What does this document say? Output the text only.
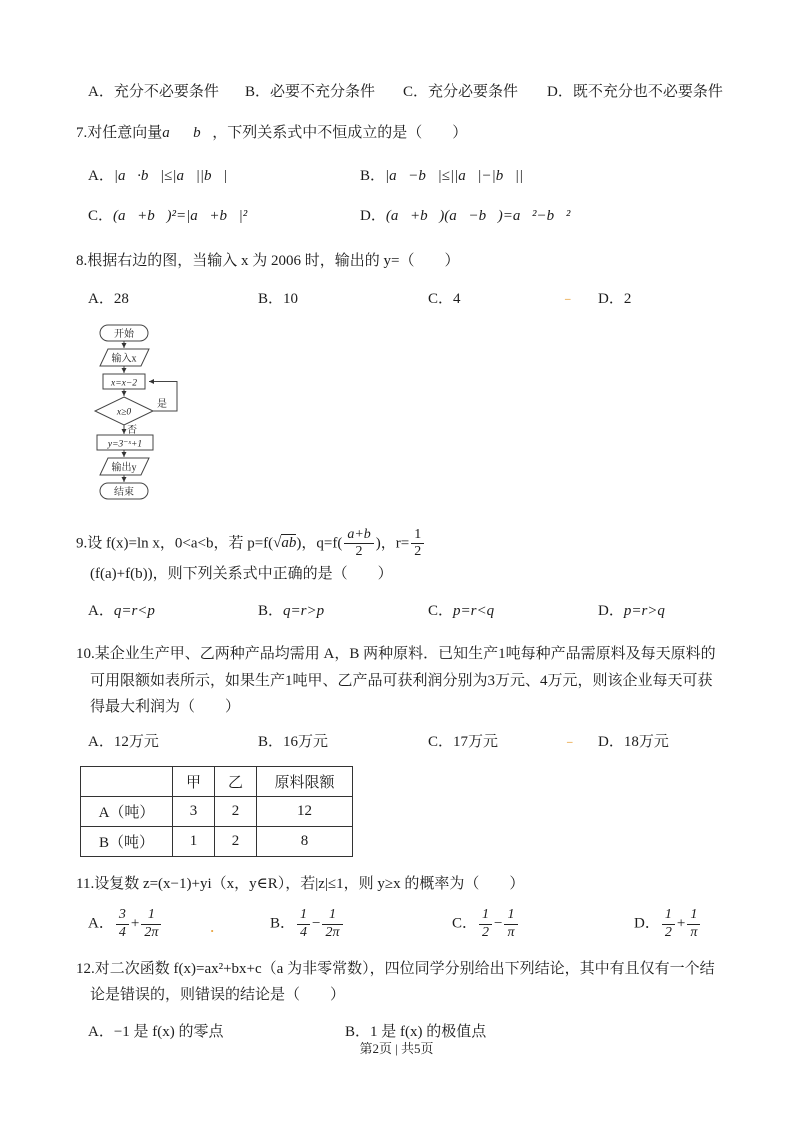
A．充分不必要条件	B．必要不充分条件	C．充分必要条件	D．既不充分也不必要条件

7.对任意向量a⃗，b⃗，下列关系式中不恒成立的是（　　）

A．|a⃗·b⃗|≤|a⃗||b⃗|	B．|a⃗−b⃗|≤||a⃗|−|b⃗||
C．(a⃗+b⃗)²=|a⃗+b⃗|²	D．(a⃗+b⃗)(a⃗−b⃗)=a⃗²−b⃗²

8.根据右边的图，当输入 x 为 2006 时，输出的 y=（　　）

A．28	B．10	C．4	D．2
–
开始
输入x
x=x−2
x≥0
是
否
y=3⁻ˣ+1
输出y
结束

9.设 f(x)=ln x，0<a<b，若 p=f(√ab)，$q=f( \frac{a+b}{2}$ )，$r= \frac{1}{2}$
(f(a)+f(b))，则下列关系式中正确的是（　　）

A．q=r<p	B．q=r>p	C．p=r<q	D．p=r>q

10.某企业生产甲、乙两种产品均需用 A，B 两种原料．已知生产1吨每种产品需原料及每天原料的可用限额如表所示，如果生产1吨甲、乙产品可获利润分别为3万元、4万元，则该企业每天可获得最大利润为（　　）

A．12万元	B．16万元	C．17万元	D．18万元
–
	甲	乙	原料限额
A（吨）	3	2	12
B（吨）	1	2	8

11.设复数 z=(x−1)+yi（x，y∈R），若|z|≤1，则 y≥x 的概率为（　　）

A． $\frac{3}{4} + \frac{1}{2\pi}$	B． $\frac{1}{4} - \frac{1}{2\pi}$	C． $\frac{1}{2} - \frac{1}{\pi}$	D． $\frac{1}{2} + \frac{1}{\pi}$
·

12.对二次函数 f(x)=ax²+bx+c（a 为非零常数），四位同学分别给出下列结论，其中有且仅有一个结论是错误的，则错误的结论是（　　）

A．−1 是 f(x) 的零点	B．1 是 f(x) 的极值点
第2页 | 共5页
